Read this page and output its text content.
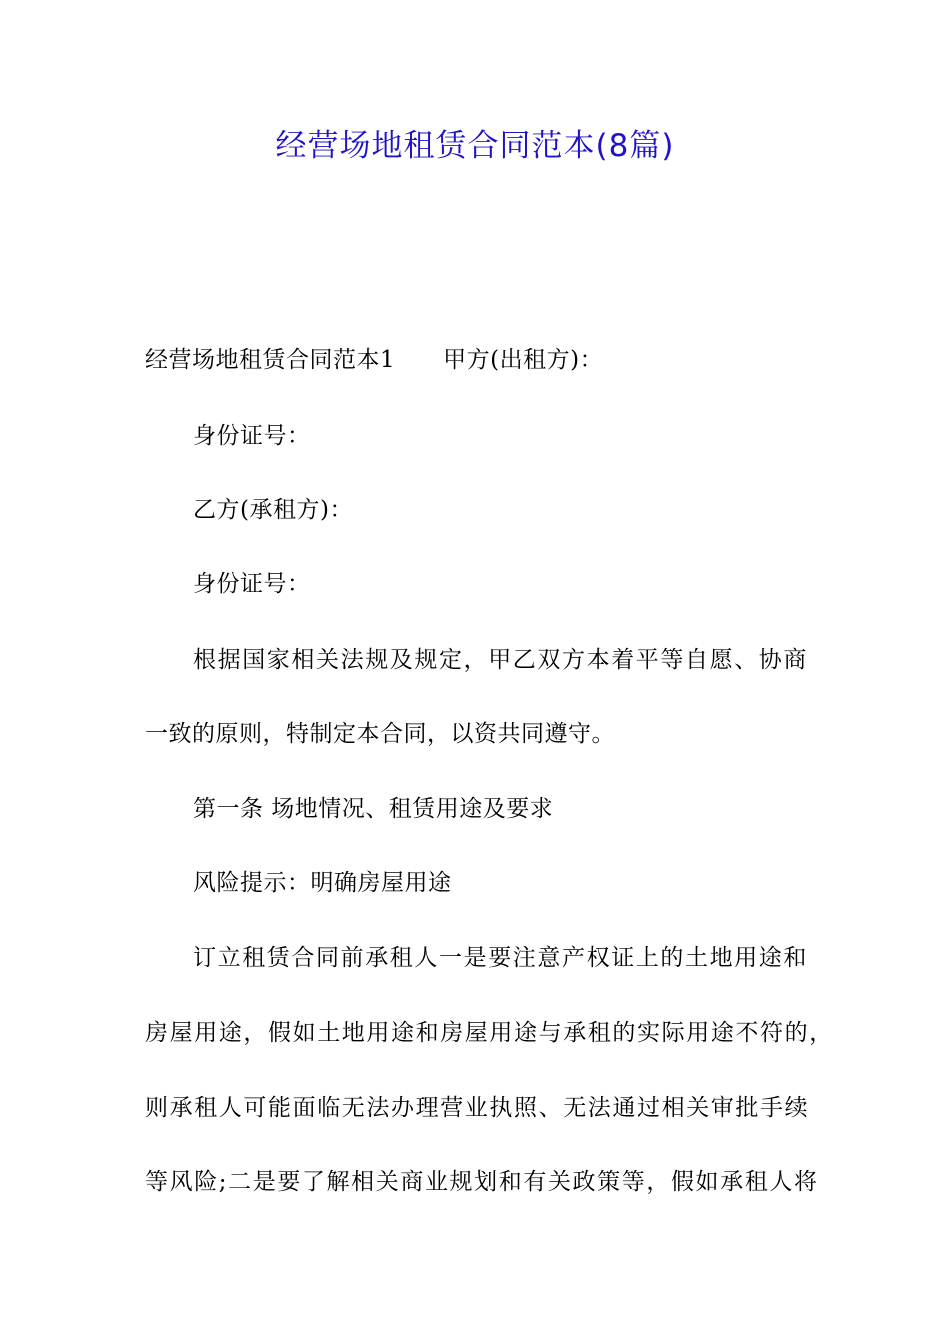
经营场地租赁合同范本(8篇)
经营场地租赁合同范本1 甲方(出租方)：
身份证号：
乙方(承租方)：
身份证号：
根据国家相关法规及规定，甲乙双方本着平等自愿、协商
一致的原则，特制定本合同，以资共同遵守。
第一条 场地情况、租赁用途及要求
风险提示：明确房屋用途
订立租赁合同前承租人一是要注意产权证上的土地用途和
房屋用途，假如土地用途和房屋用途与承租的实际用途不符的，
则承租人可能面临无法办理营业执照、无法通过相关审批手续
等风险;二是要了解相关商业规划和有关政策等，假如承租人将
